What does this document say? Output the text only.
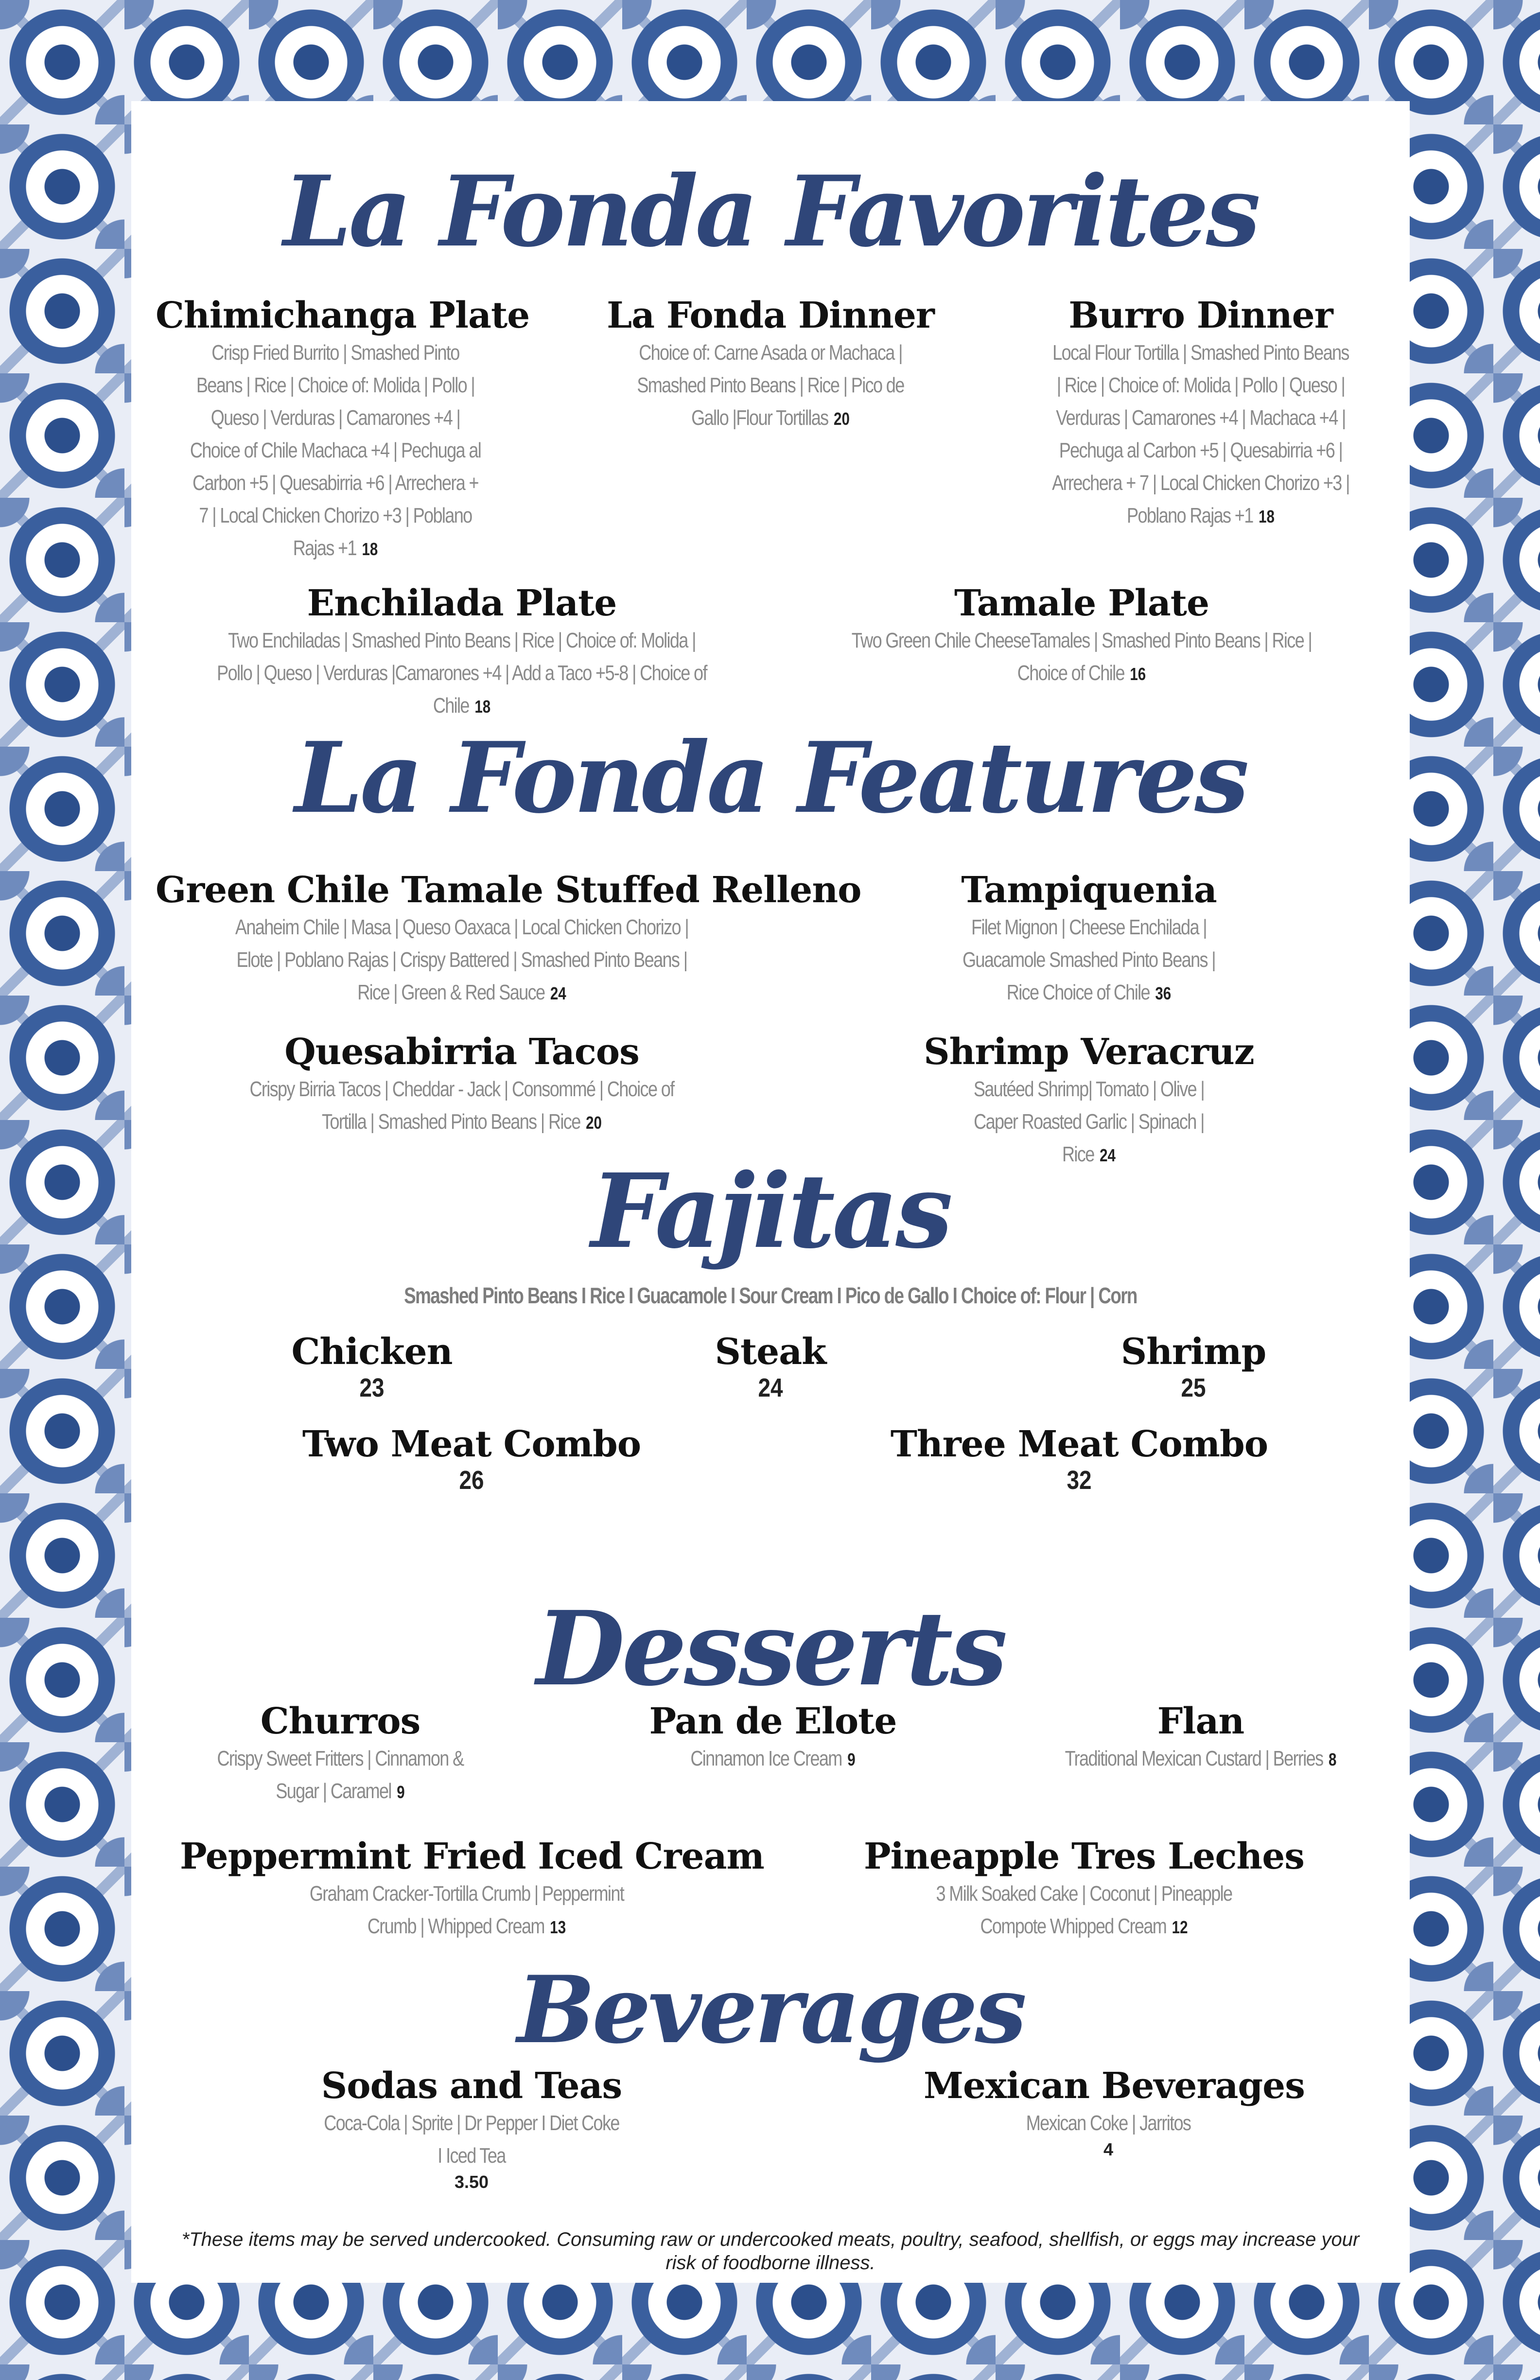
La Fonda Favorites
Chimichanga Plate
Crisp Fried Burrito | Smashed Pinto Beans | Rice | Choice of: Molida | Pollo | Queso | Verduras | Camarones +4 | Choice of Chile Machaca +4 | Pechuga al Carbon +5 | Quesabirria +6 | Arrechera + 7 | Local Chicken Chorizo +3 | Poblano Rajas +1 18
La Fonda Dinner
Choice of: Carne Asada or Machaca | Smashed Pinto Beans | Rice | Pico de Gallo |Flour Tortillas 20
Burro Dinner
Local Flour Tortilla | Smashed Pinto Beans | Rice | Choice of: Molida | Pollo | Queso | Verduras | Camarones +4 | Machaca +4 | Pechuga al Carbon +5 | Quesabirria +6 | Arrechera + 7 | Local Chicken Chorizo +3 | Poblano Rajas +1 18
Enchilada Plate
Two Enchiladas | Smashed Pinto Beans | Rice | Choice of: Molida | Pollo | Queso | Verduras |Camarones +4 | Add a Taco +5-8 | Choice of Chile 18
Tamale Plate
Two Green Chile CheeseTamales | Smashed Pinto Beans | Rice | Choice of Chile 16
La Fonda Features
Green Chile Tamale Stuffed Relleno
Anaheim Chile | Masa | Queso Oaxaca | Local Chicken Chorizo | Elote | Poblano Rajas | Crispy Battered | Smashed Pinto Beans | Rice | Green & Red Sauce 24
Tampiquenia
Filet Mignon | Cheese Enchilada | Guacamole Smashed Pinto Beans | Rice Choice of Chile 36
Quesabirria Tacos
Crispy Birria Tacos | Cheddar - Jack | Consommé | Choice of Tortilla | Smashed Pinto Beans | Rice 20
Shrimp Veracruz
Sautéed Shrimp| Tomato | Olive | Caper Roasted Garlic | Spinach | Rice 24
Fajitas
Smashed Pinto Beans I Rice I Guacamole I Sour Cream I Pico de Gallo I Choice of: Flour | Corn
Chicken
23
Steak
24
Shrimp
25
Two Meat Combo
26
Three Meat Combo
32
Desserts
Churros
Crispy Sweet Fritters | Cinnamon & Sugar | Caramel 9
Pan de Elote
Cinnamon Ice Cream 9
Flan
Traditional Mexican Custard | Berries 8
Peppermint Fried Iced Cream
Graham Cracker-Tortilla Crumb | Peppermint Crumb | Whipped Cream 13
Pineapple Tres Leches
3 Milk Soaked Cake | Coconut | Pineapple Compote Whipped Cream 12
Beverages
Sodas and Teas
Coca-Cola | Sprite | Dr Pepper I Diet Coke I Iced Tea
3.50
Mexican Beverages
Mexican Coke | Jarritos
4
*These items may be served undercooked. Consuming raw or undercooked meats, poultry, seafood, shellfish, or eggs may increase your risk of foodborne illness.
